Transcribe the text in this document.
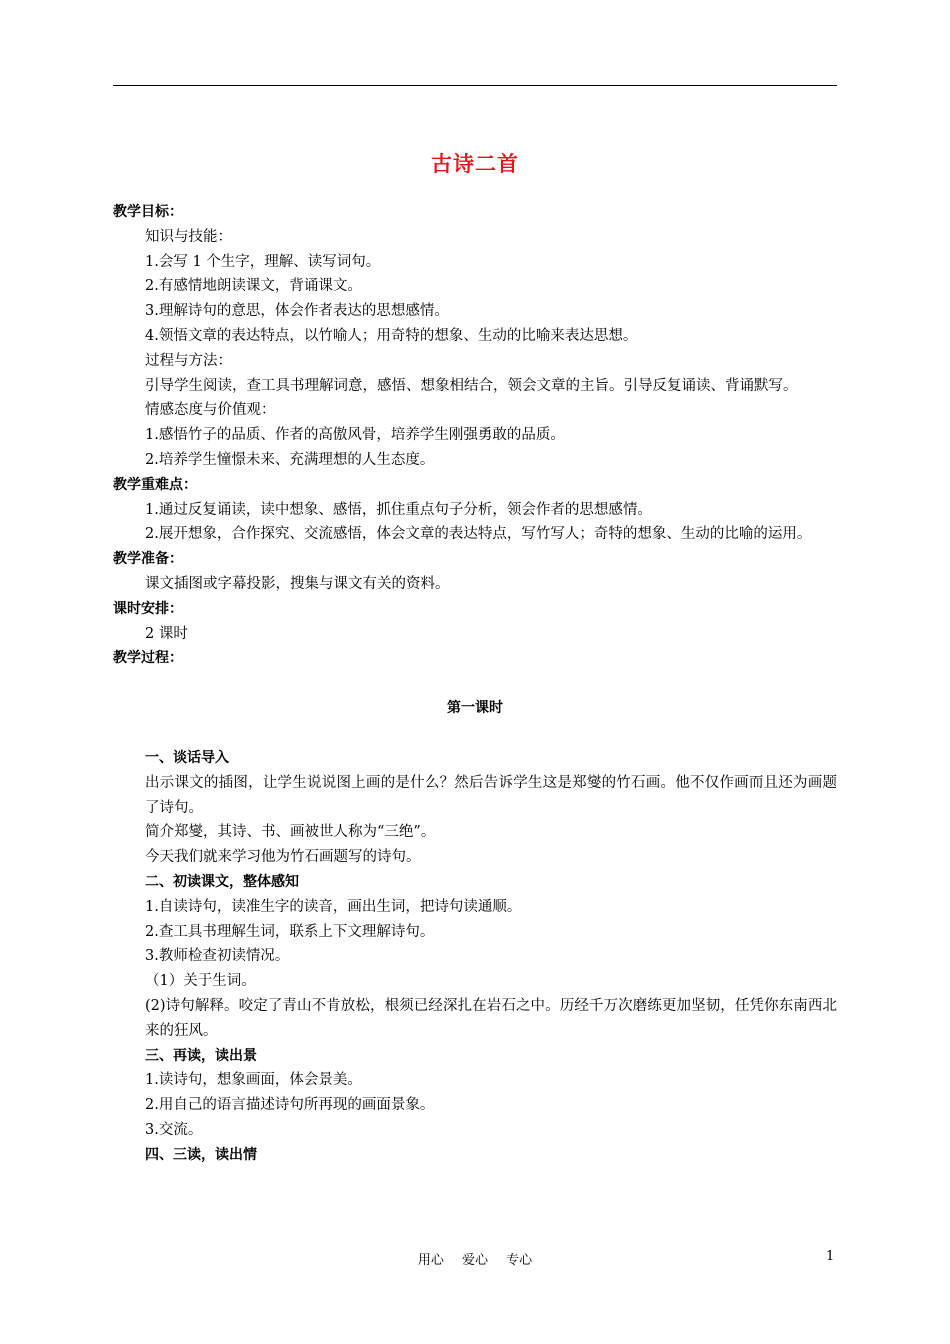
古诗二首
教学目标：
知识与技能：
1.会写 1 个生字，理解、读写词句。
2.有感情地朗读课文，背诵课文。
3.理解诗句的意思，体会作者表达的思想感情。
4.领悟文章的表达特点，以竹喻人；用奇特的想象、生动的比喻来表达思想。
过程与方法：
引导学生阅读，查工具书理解词意，感悟、想象相结合，领会文章的主旨。引导反复诵读、背诵默写。
情感态度与价值观：
1.感悟竹子的品质、作者的高傲风骨，培养学生刚强勇敢的品质。
2.培养学生憧憬未来、充满理想的人生态度。
教学重难点：
1.通过反复诵读，读中想象、感悟，抓住重点句子分析，领会作者的思想感情。
2.展开想象，合作探究、交流感悟，体会文章的表达特点，写竹写人；奇特的想象、生动的比喻的运用。
教学准备：
课文插图或字幕投影，搜集与课文有关的资料。
课时安排：
2 课时
教学过程：
第一课时
一、谈话导入
出示课文的插图，让学生说说图上画的是什么？然后告诉学生这是郑燮的竹石画。他不仅作画而且还为画题了诗句。
简介郑燮，其诗、书、画被世人称为“三绝”。
今天我们就来学习他为竹石画题写的诗句。
二、初读课文，整体感知
1.自读诗句，读准生字的读音，画出生词，把诗句读通顺。
2.查工具书理解生词，联系上下文理解诗句。
3.教师检查初读情况。
（1）关于生词。
(2)诗句解释。咬定了青山不肯放松，根须已经深扎在岩石之中。历经千万次磨练更加坚韧，任凭你东南西北来的狂风。
三、再读，读出景
1.读诗句，想象画面，体会景美。
2.用自己的语言描述诗句所再现的画面景象。
3.交流。
四、三读，读出情
用心 爱心 专心	1
